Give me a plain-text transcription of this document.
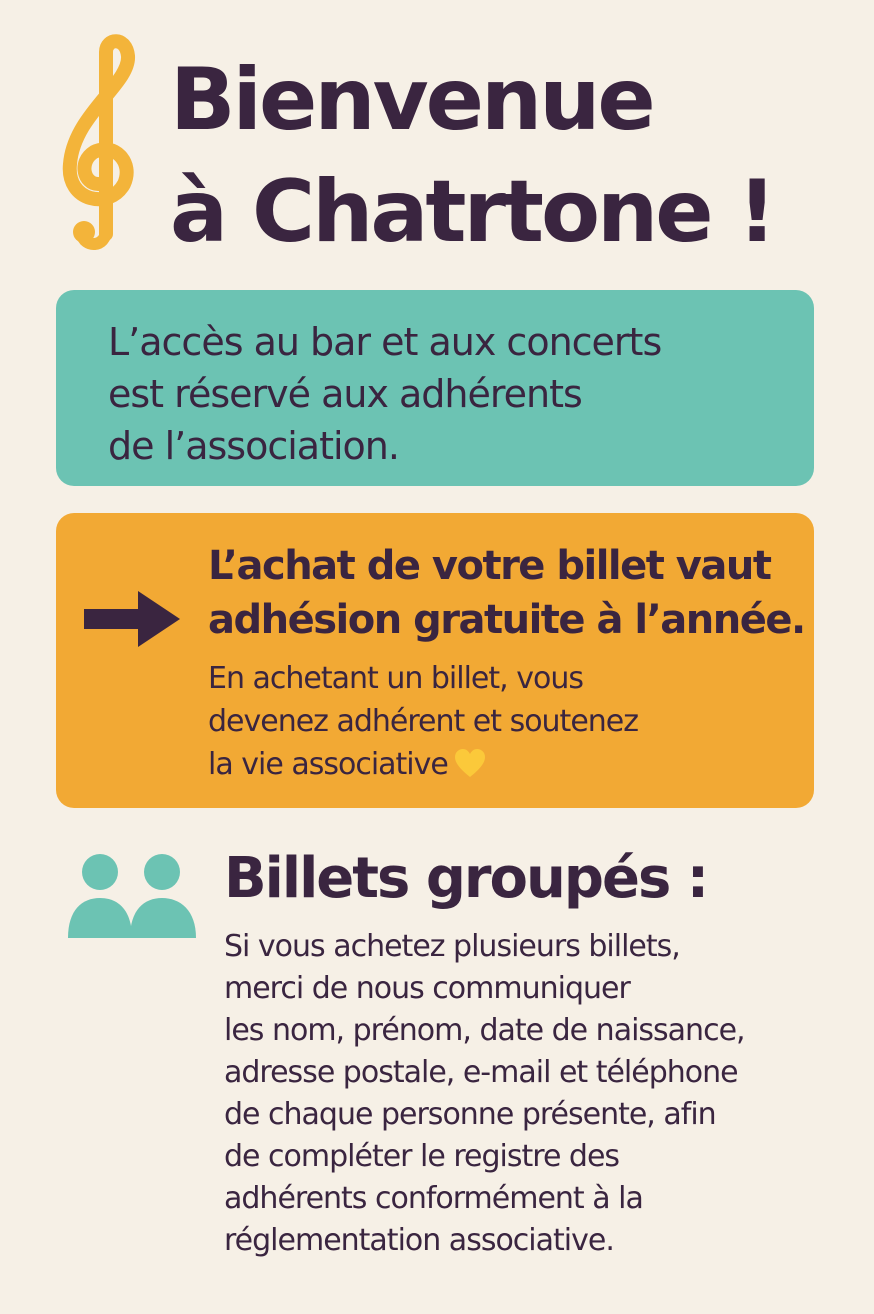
Bienvenue
à Chatrtone !

L’accès au bar et aux concerts
est réservé aux adhérents
de l’association.

L’achat de votre billet vaut
adhésion gratuite à l’année.

En achetant un billet, vous
devenez adhérent et soutenez
la vie associative

Billets groupés :

Si vous achetez plusieurs billets,
merci de nous communiquer
les nom, prénom, date de naissance,
adresse postale, e-mail et téléphone
de chaque personne présente, afin
de compléter le registre des
adhérents conformément à la
réglementation associative.
